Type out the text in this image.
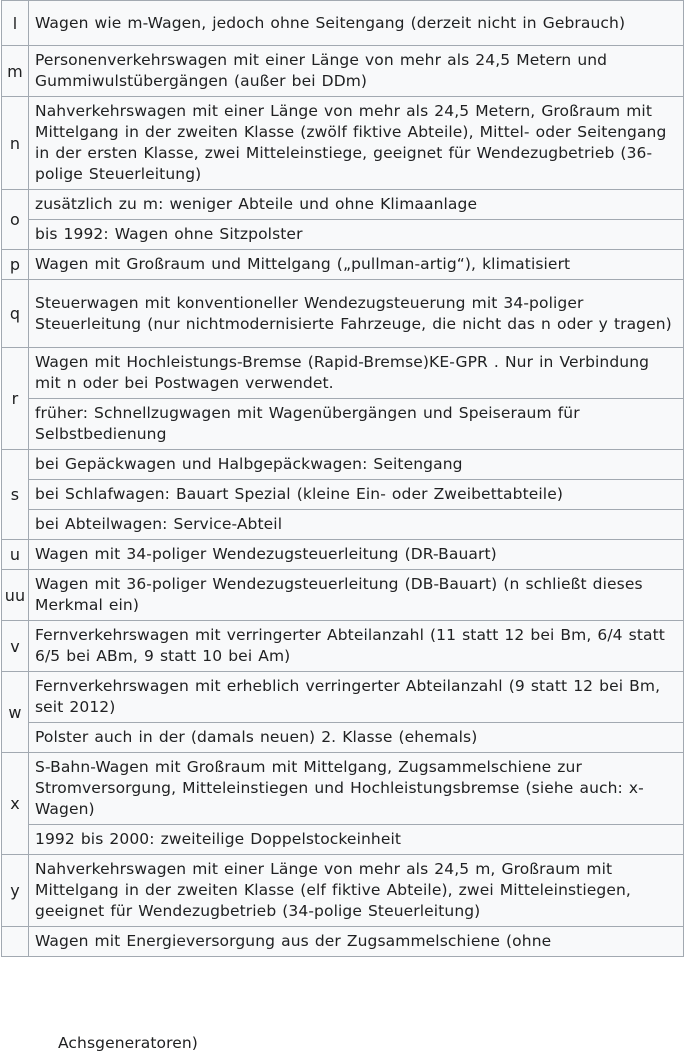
l	Wagen wie m-Wagen, jedoch ohne Seitengang (derzeit nicht in Gebrauch)
m	Personenverkehrswagen mit einer Länge von mehr als 24,5 Metern und Gummiwulstübergängen (außer bei DDm)
n	Nahverkehrswagen mit einer Länge von mehr als 24,5 Metern, Großraum mit Mittelgang in der zweiten Klasse (zwölf fiktive Abteile), Mittel- oder Seitengang in der ersten Klasse, zwei Mitteleinstiege, geeignet für Wendezugbetrieb (36-polige Steuerleitung)
o	zusätzlich zu m: weniger Abteile und ohne Klimaanlage
	bis 1992: Wagen ohne Sitzpolster
p	Wagen mit Großraum und Mittelgang („pullman-artig“), klimatisiert
q	Steuerwagen mit konventioneller Wendezugsteuerung mit 34-poliger Steuerleitung (nur nichtmodernisierte Fahrzeuge, die nicht das n oder y tragen)
r	Wagen mit Hochleistungs-Bremse (Rapid-Bremse)KE-GPR . Nur in Verbindung mit n oder bei Postwagen verwendet.
	früher: Schnellzugwagen mit Wagenübergängen und Speiseraum für Selbstbedienung
s	bei Gepäckwagen und Halbgepäckwagen: Seitengang
	bei Schlafwagen: Bauart Spezial (kleine Ein- oder Zweibettabteile)
	bei Abteilwagen: Service-Abteil
u	Wagen mit 34-poliger Wendezugsteuerleitung (DR-Bauart)
uu	Wagen mit 36-poliger Wendezugsteuerleitung (DB-Bauart) (n schließt dieses Merkmal ein)
v	Fernverkehrswagen mit verringerter Abteilanzahl (11 statt 12 bei Bm, 6/4 statt 6/5 bei ABm, 9 statt 10 bei Am)
w	Fernverkehrswagen mit erheblich verringerter Abteilanzahl (9 statt 12 bei Bm, seit 2012)
	Polster auch in der (damals neuen) 2. Klasse (ehemals)
x	S-Bahn-Wagen mit Großraum mit Mittelgang, Zugsammelschiene zur Stromversorgung, Mitteleinstiegen und Hochleistungsbremse (siehe auch: x-Wagen)
	1992 bis 2000: zweiteilige Doppelstockeinheit
y	Nahverkehrswagen mit einer Länge von mehr als 24,5 m, Großraum mit Mittelgang in der zweiten Klasse (elf fiktive Abteile), zwei Mitteleinstiegen, geeignet für Wendezugbetrieb (34-polige Steuerleitung)
	Wagen mit Energieversorgung aus der Zugsammelschiene (ohne
Achsgeneratoren)
